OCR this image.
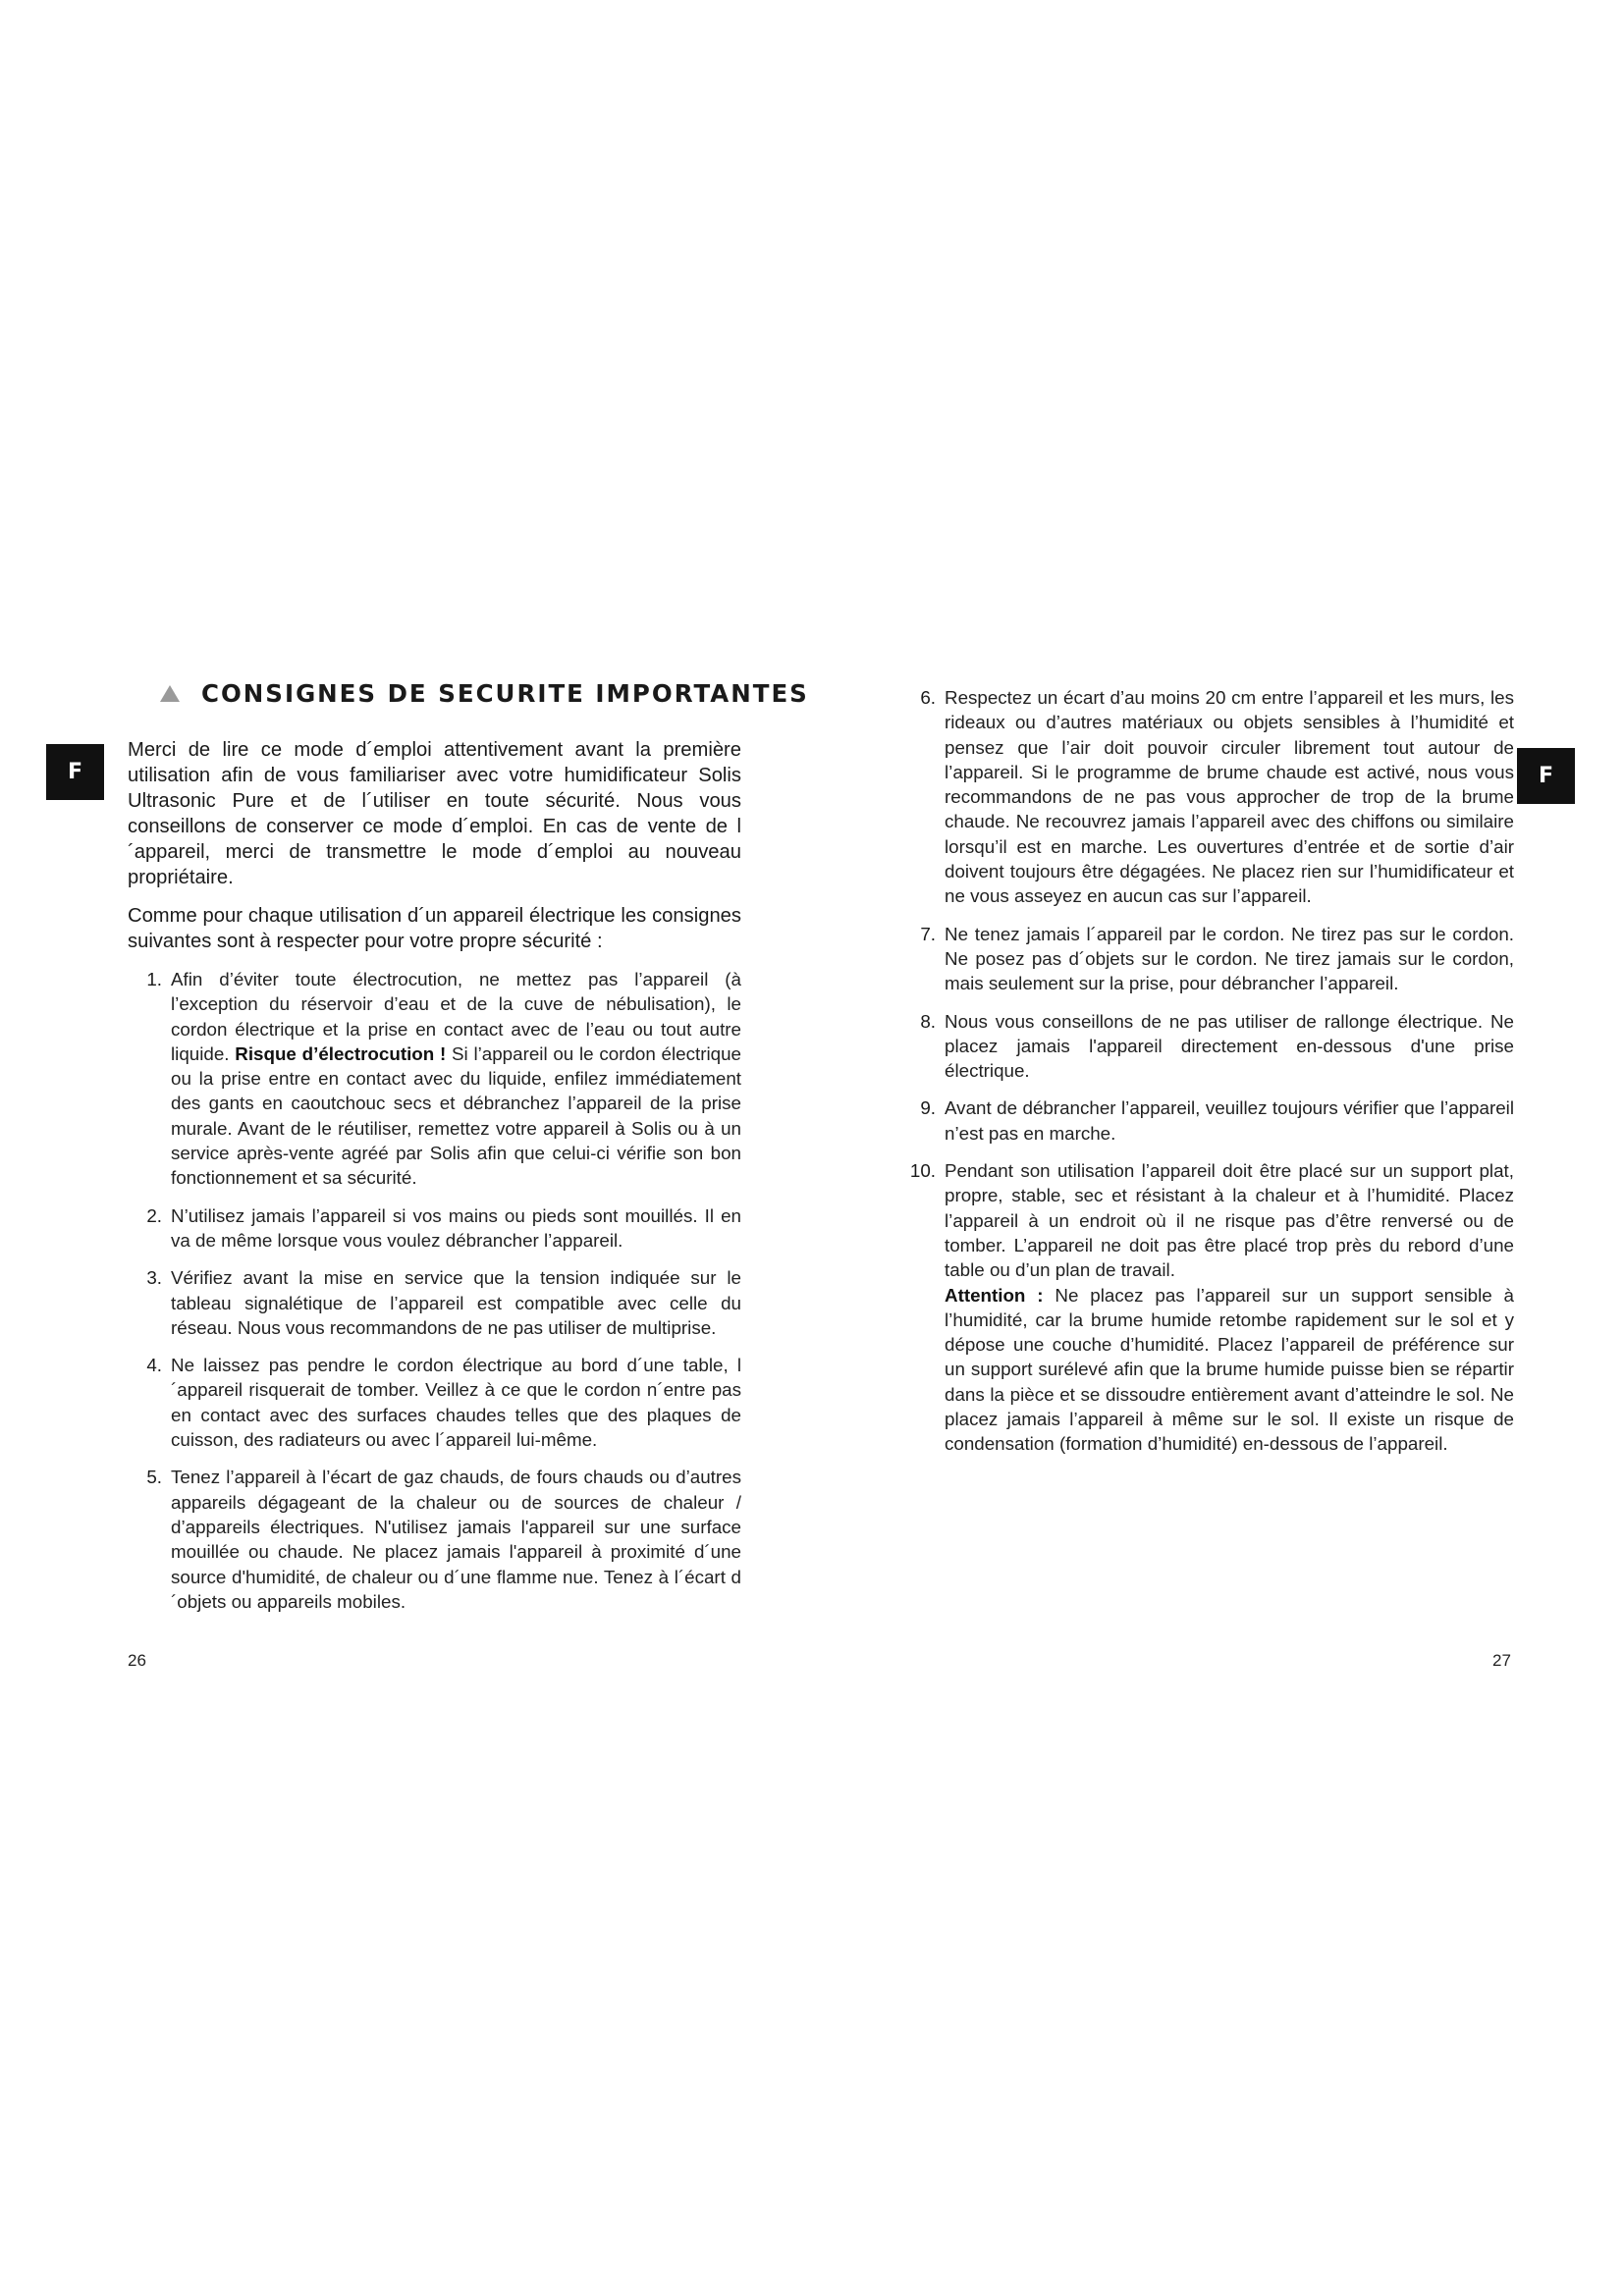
F	F
CONSIGNES DE SECURITE IMPORTANTES

Merci de lire ce mode d´emploi attentivement avant la première utilisation afin de vous familiariser avec votre humidificateur Solis Ultrasonic Pure et de l´utiliser en toute sécurité. Nous vous conseillons de conserver ce mode d´emploi. En cas de vente de l´appareil, merci de transmettre le mode d´emploi au nouveau propriétaire.

Comme pour chaque utilisation d´un appareil électrique les consignes suivantes sont à respecter pour votre propre sécurité :

1. Afin d’éviter toute électrocution, ne mettez pas l’appareil (à l’exception du réservoir d’eau et de la cuve de nébulisation), le cordon électrique et la prise en contact avec de l’eau ou tout autre liquide. Risque d’électrocution ! Si l’appareil ou le cordon électrique ou la prise entre en contact avec du liquide, enfilez immédiatement des gants en caoutchouc secs et débranchez l’appareil de la prise murale. Avant de le réutiliser, remettez votre appareil à Solis ou à un service après-vente agréé par Solis afin que celui-ci vérifie son bon fonctionnement et sa sécurité.
2. N’utilisez jamais l’appareil si vos mains ou pieds sont mouillés. Il en va de même lorsque vous voulez débrancher l’appareil.
3. Vérifiez avant la mise en service que la tension indiquée sur le tableau signalétique de l’appareil est compatible avec celle du réseau. Nous vous recommandons de ne pas utiliser de multiprise.
4. Ne laissez pas pendre le cordon électrique au bord d´une table, l´appareil risquerait de tomber. Veillez à ce que le cordon n´entre pas en contact avec des surfaces chaudes telles que des plaques de cuisson, des radiateurs ou avec l´appareil lui-même.
5. Tenez l’appareil à l’écart de gaz chauds, de fours chauds ou d’autres appareils dégageant de la chaleur ou de sources de chaleur / d’appareils électriques. N'utilisez jamais l'appareil sur une surface mouillée ou chaude. Ne placez jamais l'appareil à proximité d´une source d'humidité, de chaleur ou d´une flamme nue. Tenez à l´écart d´objets ou appareils mobiles.
6. Respectez un écart d’au moins 20 cm entre l’appareil et les murs, les rideaux ou d’autres matériaux ou objets sensibles à l’humidité et pensez que l’air doit pouvoir circuler librement tout autour de l’appareil. Si le programme de brume chaude est activé, nous vous recommandons de ne pas vous approcher de trop de la brume chaude. Ne recouvrez jamais l’appareil avec des chiffons ou similaire lorsqu’il est en marche. Les ouvertures d’entrée et de sortie d’air doivent toujours être dégagées. Ne placez rien sur l’humidificateur et ne vous asseyez en aucun cas sur l’appareil.
7. Ne tenez jamais l´appareil par le cordon. Ne tirez pas sur le cordon. Ne posez pas d´objets sur le cordon. Ne tirez jamais sur le cordon, mais seulement sur la prise, pour débrancher l’appareil.
8. Nous vous conseillons de ne pas utiliser de rallonge électrique. Ne placez jamais l'appareil directement en-dessous d'une prise électrique.
9. Avant de débrancher l’appareil, veuillez toujours vérifier que l’appareil n’est pas en marche.
10. Pendant son utilisation l’appareil doit être placé sur un support plat, propre, stable, sec et résistant à la chaleur et à l’humidité. Placez l’appareil à un endroit où il ne risque pas d’être renversé ou de tomber. L’appareil ne doit pas être placé trop près du rebord d’une table ou d’un plan de travail.
Attention : Ne placez pas l’appareil sur un support sensible à l’humidité, car la brume humide retombe rapidement sur le sol et y dépose une couche d’humidité. Placez l’appareil de préférence sur un support surélevé afin que la brume humide puisse bien se répartir dans la pièce et se dissoudre entièrement avant d’atteindre le sol. Ne placez jamais l’appareil à même sur le sol. Il existe un risque de condensation (formation d’humidité) en-dessous de l’appareil.
26	27
